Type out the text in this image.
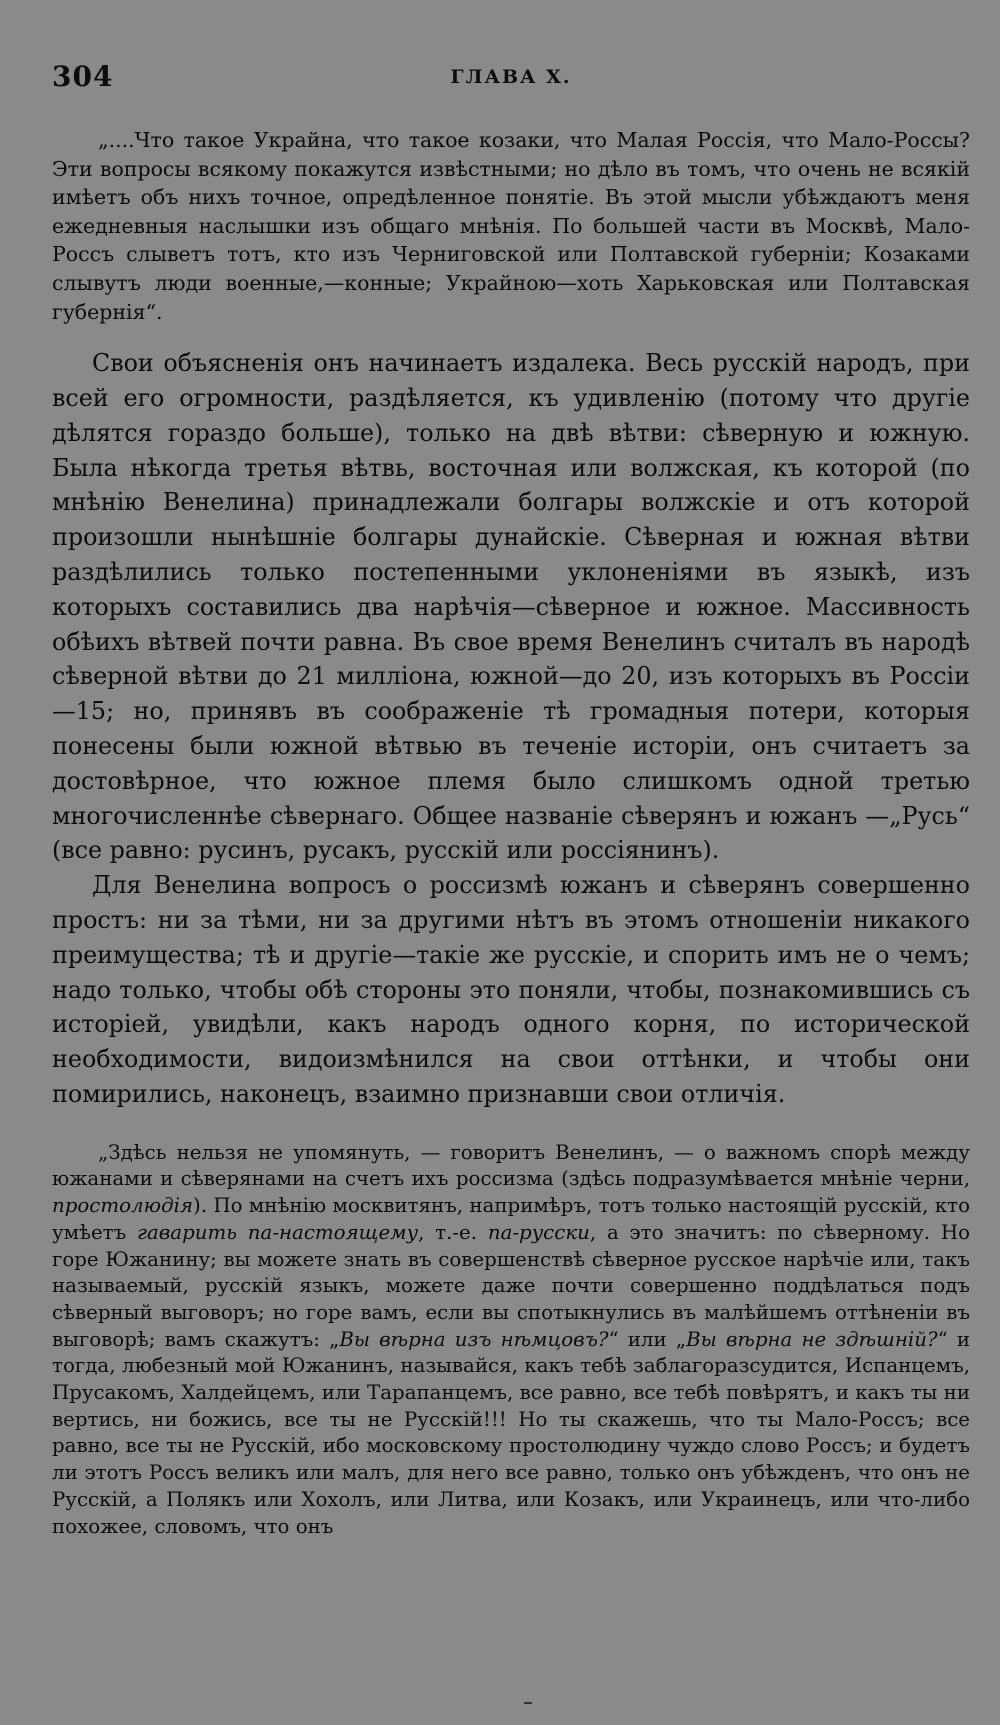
304	ГЛАВА X.

„....Что такое Украйна, что такое козаки, что Малая Россія, что Мало-Россы? Эти вопросы всякому покажутся извѣстными; но дѣло въ томъ, что очень не всякій имѣетъ объ нихъ точное, опредѣленное понятіе. Въ этой мысли убѣждаютъ меня ежедневныя наслышки изъ общаго мнѣнія. По большей части въ Москвѣ, Мало-Россъ слыветъ тотъ, кто изъ Черниговской или Полтавской губерніи; Козаками слывутъ люди военные,—конные; Украйною—хоть Харьковская или Полтавская губернія“.

Свои объясненія онъ начинаетъ издалека. Весь русскій народъ, при всей его огромности, раздѣляется, къ удивленію (потому что другіе дѣлятся гораздо больше), только на двѣ вѣтви: сѣверную и южную. Была нѣкогда третья вѣтвь, восточная или волжская, къ которой (по мнѣнію Венелина) принадлежали болгары волжскіе и отъ которой произошли нынѣшніе болгары дунайскіе. Сѣверная и южная вѣтви раздѣлились только постепенными уклоненіями въ языкѣ, изъ которыхъ составились два нарѣчія—сѣверное и южное. Массивность обѣихъ вѣтвей почти равна. Въ свое время Венелинъ считалъ въ народѣ сѣверной вѣтви до 21 милліона, южной—до 20, изъ которыхъ въ Россіи—15; но, принявъ въ соображеніе тѣ громадныя потери, которыя понесены были южной вѣтвью въ теченіе исторіи, онъ считаетъ за достовѣрное, что южное племя было слишкомъ одной третью многочисленнѣе сѣвернаго. Общее названіе сѣверянъ и южанъ —„Русь“ (все равно: русинъ, русакъ, русскій или россіянинъ).

Для Венелина вопросъ о россизмѣ южанъ и сѣверянъ совершенно простъ: ни за тѣми, ни за другими нѣтъ въ этомъ отношеніи никакого преимущества; тѣ и другіе—такіе же русскіе, и спорить имъ не о чемъ; надо только, чтобы обѣ стороны это поняли, чтобы, познакомившись съ исторіей, увидѣли, какъ народъ одного корня, по исторической необходимости, видоизмѣнился на свои оттѣнки, и чтобы они помирились, наконецъ, взаимно признавши свои отличія.

„Здѣсь нельзя не упомянуть, — говоритъ Венелинъ, — о важномъ спорѣ между южанами и сѣверянами на счетъ ихъ россизма (здѣсь подразумѣвается мнѣніе черни, простолюдія). По мнѣнію москвитянъ, напримѣръ, тотъ только настоящій русскій, кто умѣетъ гаварить па-настоящему, т.-е. па-русски, а это значитъ: по сѣверному. Но горе Южанину; вы можете знать въ совершенствѣ сѣверное русское нарѣчіе или, такъ называемый, русскій языкъ, можете даже почти совершенно поддѣлаться подъ сѣверный выговоръ; но горе вамъ, если вы спотыкнулись въ малѣйшемъ оттѣненіи въ выговорѣ; вамъ скажутъ: „Вы вѣрна изъ нѣмцовъ?“ или „Вы вѣрна не здѣшній?“ и тогда, любезный мой Южанинъ, называйся, какъ тебѣ заблагоразсудится, Испанцемъ, Прусакомъ, Халдейцемъ, или Тарапанцемъ, все равно, все тебѣ повѣрятъ, и какъ ты ни вертись, ни божись, все ты не Русскій!!! Но ты скажешь, что ты Мало-Россъ; все равно, все ты не Русскій, ибо московскому простолюдину чуждо слово Россъ; и будетъ ли этотъ Россъ великъ или малъ, для него все равно, только онъ убѣжденъ, что онъ не Русскій, а Полякъ или Хохолъ, или Литва, или Козакъ, или Украинецъ, или что-либо похожее, словомъ, что онъ
